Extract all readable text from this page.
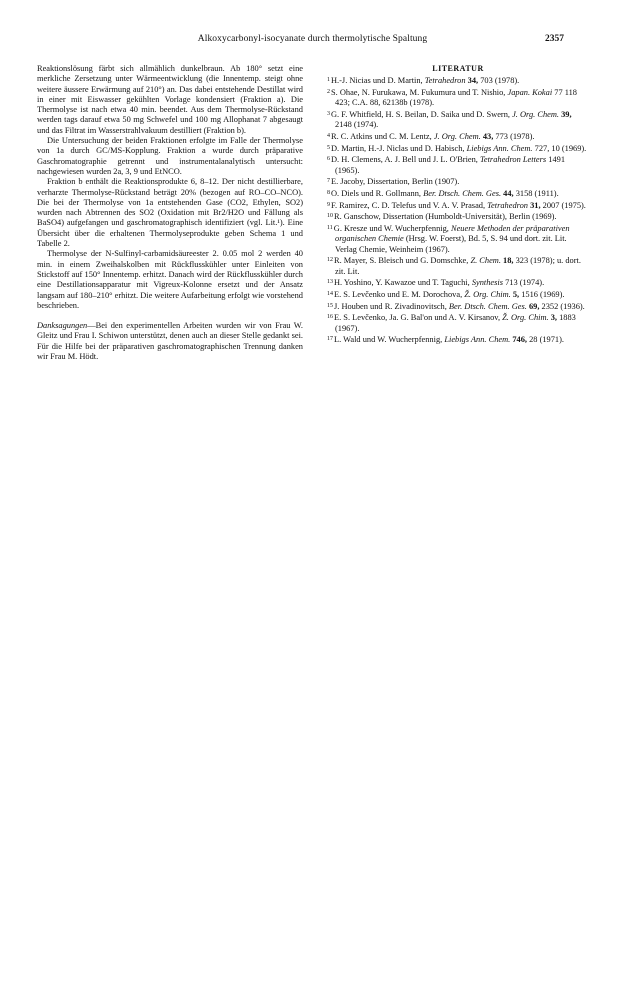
Alkoxycarbonyl-isocyanate durch thermolytische Spaltung	2357

Reaktionslösung färbt sich allmählich dunkelbraun. Ab 180° setzt eine merkliche Zersetzung unter Wärmeentwicklung (die Innentemp. steigt ohne weitere äussere Erwärmung auf 210°) an. Das dabei entstehende Destillat wird in einer mit Eiswasser gekühlten Vorlage kondensiert (Fraktion a). Die Thermolyse ist nach etwa 40 min. beendet. Aus dem Thermolyse-Rückstand werden tags darauf etwa 50 mg Schwefel und 100 mg Allophanat 7 abgesaugt und das Filtrat im Wasserstrahlvakuum destilliert (Fraktion b).

Die Untersuchung der beiden Fraktionen erfolgte im Falle der Thermolyse von 1a durch GC/MS-Kopplung. Fraktion a wurde durch präparative Gaschromatographie getrennt und instrumentalanalytisch untersucht: nachgewiesen wurden 2a, 3, 9 und EtNCO.

Fraktion b enthält die Reaktionsprodukte 6, 8–12. Der nicht destillierbare, verharzte Thermolyse-Rückstand beträgt 20% (bezogen auf RO–CO–NCO). Die bei der Thermolyse von 1a entstehenden Gase (CO2, Ethylen, SO2) wurden nach Abtrennen des SO2 (Oxidation mit Br2/H2O und Fällung als BaSO4) aufgefangen und gaschromatographisch identifiziert (vgl. Lit.¹). Eine Übersicht über die erhaltenen Thermolyseprodukte geben Schema 1 und Tabelle 2.

Thermolyse der N-Sulfinyl-carbamidsäureester 2. 0.05 mol 2 werden 40 min. in einem Zweihalskolben mit Rückflusskühler unter Einleiten von Stickstoff auf 150° Innentemp. erhitzt. Danach wird der Rückflusskühler durch eine Destillationsapparatur mit Vigreux-Kolonne ersetzt und der Ansatz langsam auf 180–210° erhitzt. Die weitere Aufarbeitung erfolgt wie vorstehend beschrieben.

Danksagungen—Bei den experimentellen Arbeiten wurden wir von Frau W. Gleitz und Frau I. Schiwon unterstützt, denen auch an dieser Stelle gedankt sei. Für die Hilfe bei der präparativen gaschromatographischen Trennung danken wir Frau M. Hödt.

LITERATUR
$^1$H.-J. Nicias und D. Martin, Tetrahedron 34, 703 (1978).
$^2$S. Ohae, N. Furukawa, M. Fukumura und T. Nishio, Japan. Kokai 77 118 423; C.A. 88, 62138b (1978).
$^3$G. F. Whitfield, H. S. Beilan, D. Saika und D. Swern, J. Org. Chem. 39, 2148 (1974).
$^4$R. C. Atkins und C. M. Lentz, J. Org. Chem. 43, 773 (1978).
$^5$D. Martin, H.-J. Niclas und D. Habisch, Liebigs Ann. Chem. 727, 10 (1969).
$^6$D. H. Clemens, A. J. Bell und J. L. O'Brien, Tetrahedron Letters 1491 (1965).
$^7$E. Jacoby, Dissertation, Berlin (1907).
$^8$O. Diels und R. Gollmann, Ber. Dtsch. Chem. Ges. 44, 3158 (1911).
$^9$F. Ramirez, C. D. Telefus und V. A. V. Prasad, Tetrahedron 31, 2007 (1975).
$^{10}$R. Ganschow, Dissertation (Humboldt-Universität), Berlin (1969).
$^{11}$G. Kresze und W. Wucherpfennig, Neuere Methoden der präparativen organischen Chemie (Hrsg. W. Foerst), Bd. 5, S. 94 und dort. zit. Lit. Verlag Chemie, Weinheim (1967).
$^{12}$R. Mayer, S. Bleisch und G. Domschke, Z. Chem. 18, 323 (1978); u. dort. zit. Lit.
$^{13}$H. Yoshino, Y. Kawazoe und T. Taguchi, Synthesis 713 (1974).
$^{14}$E. S. Levčenko und E. M. Dorochova, Ž. Org. Chim. 5, 1516 (1969).
$^{15}$J. Houben und R. Zivadinovitsch, Ber. Dtsch. Chem. Ges. 69, 2352 (1936).
$^{16}$E. S. Levčenko, Ja. G. Bal'on und A. V. Kirsanov, Ž. Org. Chim. 3, 1883 (1967).
$^{17}$L. Wald und W. Wucherpfennig, Liebigs Ann. Chem. 746, 28 (1971).
